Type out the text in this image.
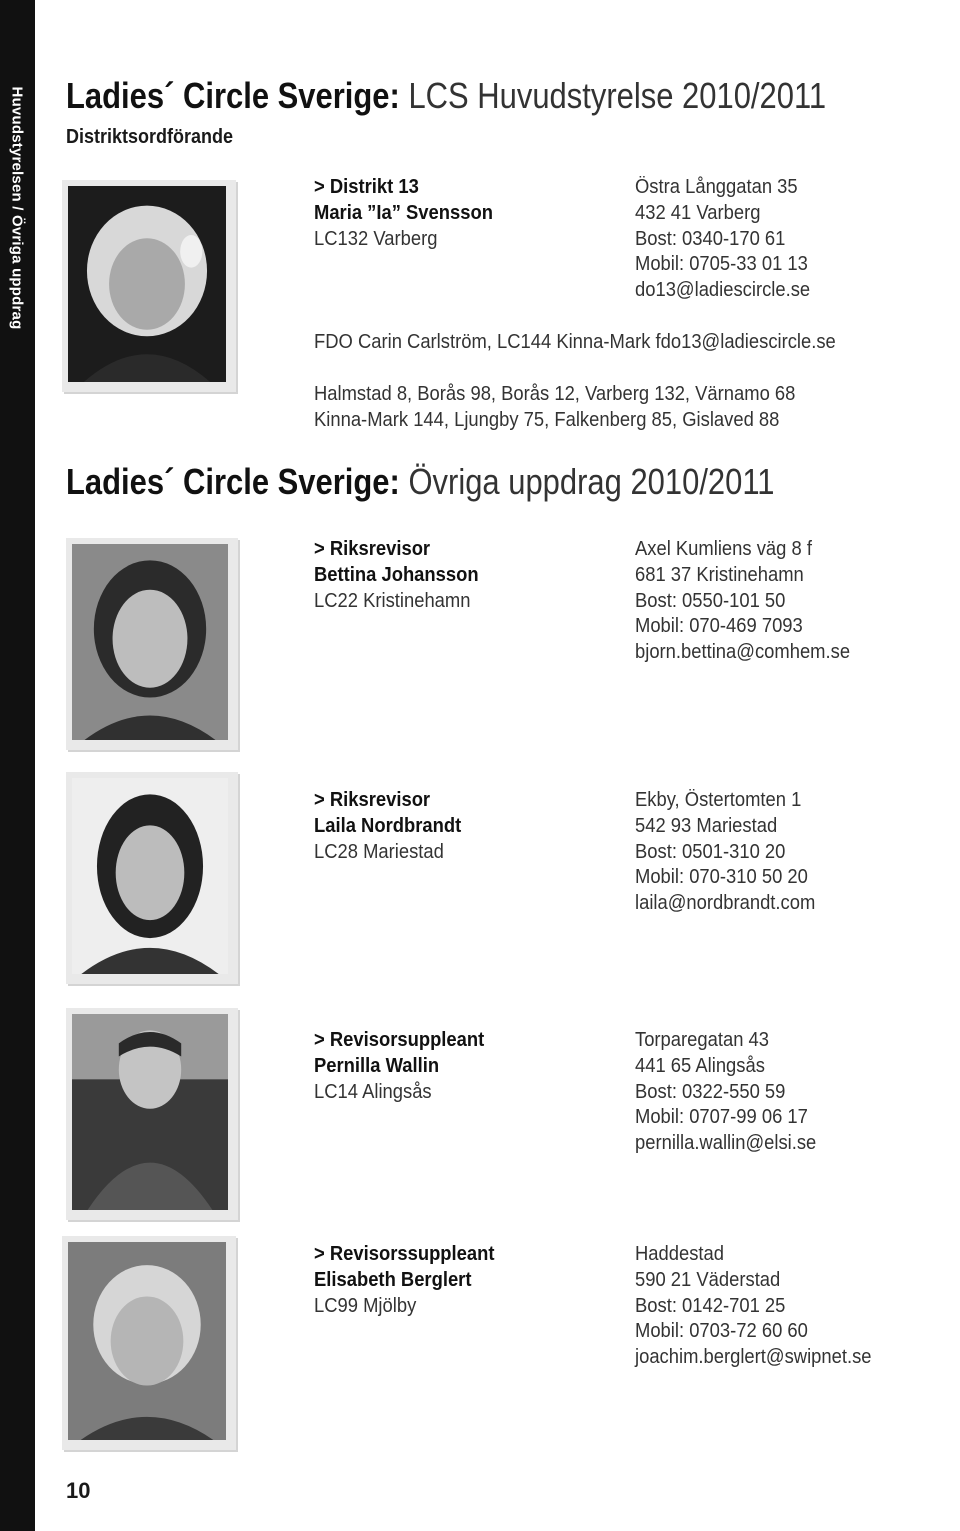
Huvudstyrelsen / Övriga uppdrag Ladies´ Circle Sverige: LCS Huvudstyrelse 2010/2011
Distriktsordförande
> Distrikt 13
Maria ”Ia” Svensson
LC132 Varberg
Östra Långgatan 35
432 41 Varberg
Bost: 0340-170 61
Mobil: 0705-33 01 13
do13@ladiescircle.se
FDO Carin Carlström, LC144 Kinna-Mark fdo13@ladiescircle.se
Halmstad 8, Borås 98, Borås 12, Varberg 132, Värnamo 68
Kinna-Mark 144, Ljungby 75, Falkenberg 85, Gislaved 88
Ladies´ Circle Sverige: Övriga uppdrag 2010/2011
> Riksrevisor
Bettina Johansson
LC22 Kristinehamn
Axel Kumliens väg 8 f
681 37 Kristinehamn
Bost: 0550-101 50
Mobil: 070-469 7093
bjorn.bettina@comhem.se
> Riksrevisor
Laila Nordbrandt
LC28 Mariestad
Ekby, Östertomten 1
542 93 Mariestad
Bost: 0501-310 20
Mobil: 070-310 50 20
laila@nordbrandt.com
> Revisorsuppleant
Pernilla Wallin
LC14 Alingsås
Torparegatan 43
441 65 Alingsås
Bost: 0322-550 59
Mobil: 0707-99 06 17
pernilla.wallin@elsi.se
> Revisorssuppleant
Elisabeth Berglert
LC99 Mjölby
Haddestad
590 21 Väderstad
Bost: 0142-701 25
Mobil: 0703-72 60 60
joachim.berglert@swipnet.se
10
